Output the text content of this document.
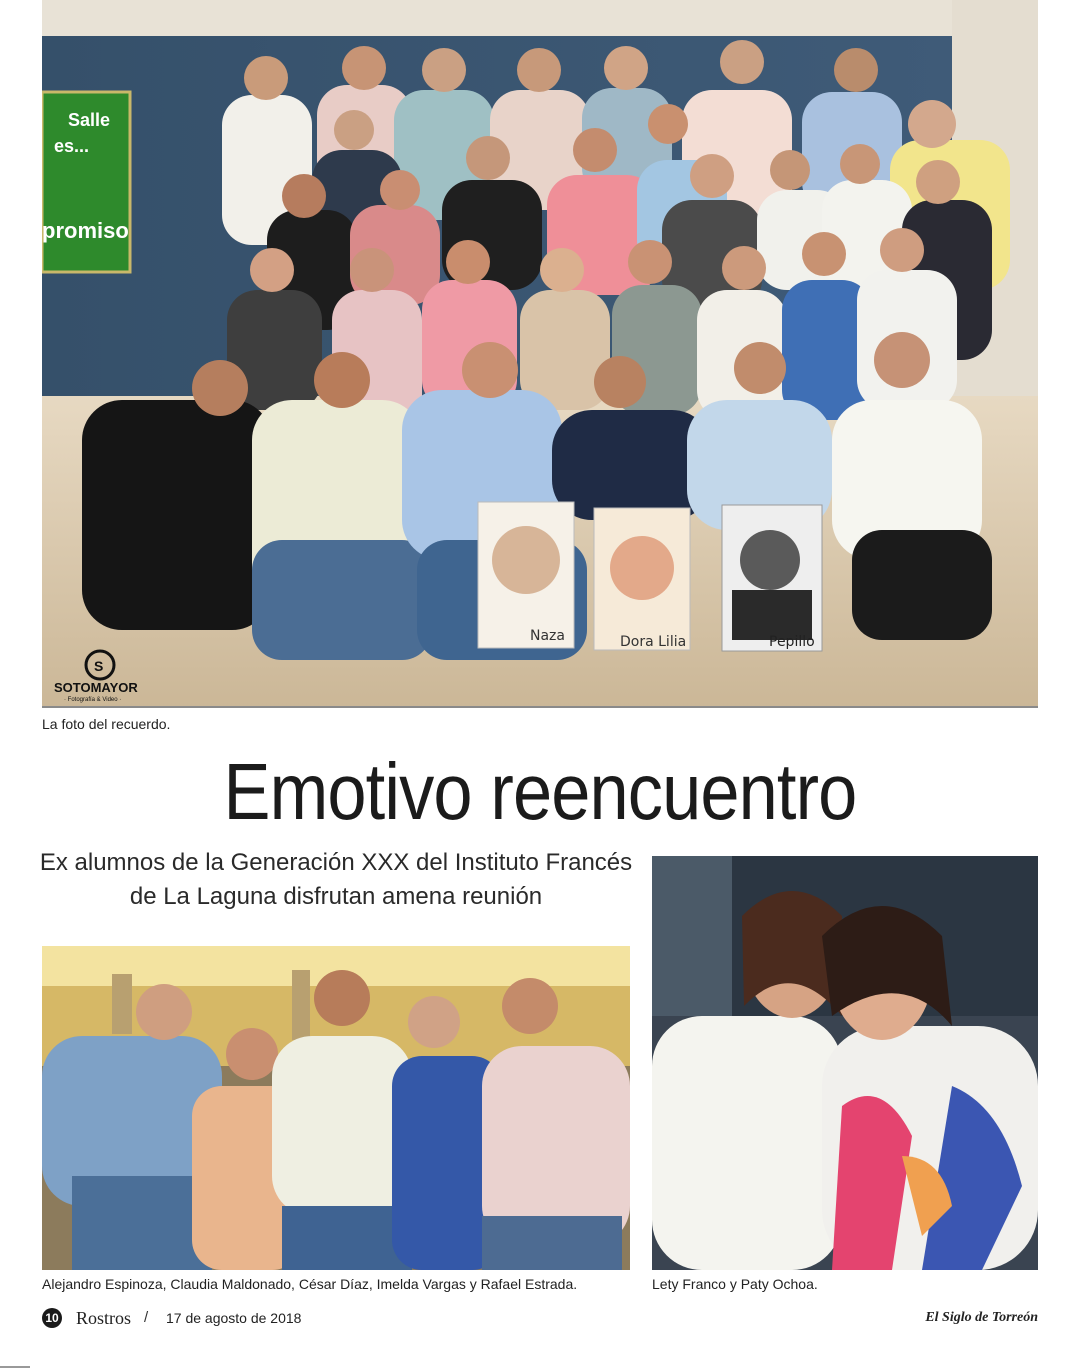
Salle
es...
promiso
Naza	Dora Lilia	Pepillo
S
SOTOMAYOR
· Fotografía & Video ·
La foto del recuerdo.
Emotivo reencuentro
Ex alumnos de la Generación XXX del Instituto Francés
de La Laguna disfrutan amena reunión
Alejandro Espinoza, Claudia Maldonado, César Díaz, Imelda Vargas y Rafael Estrada.	Lety Franco y Paty Ochoa.
10 Rostros / 17 de agosto de 2018	El Siglo de Torreón
